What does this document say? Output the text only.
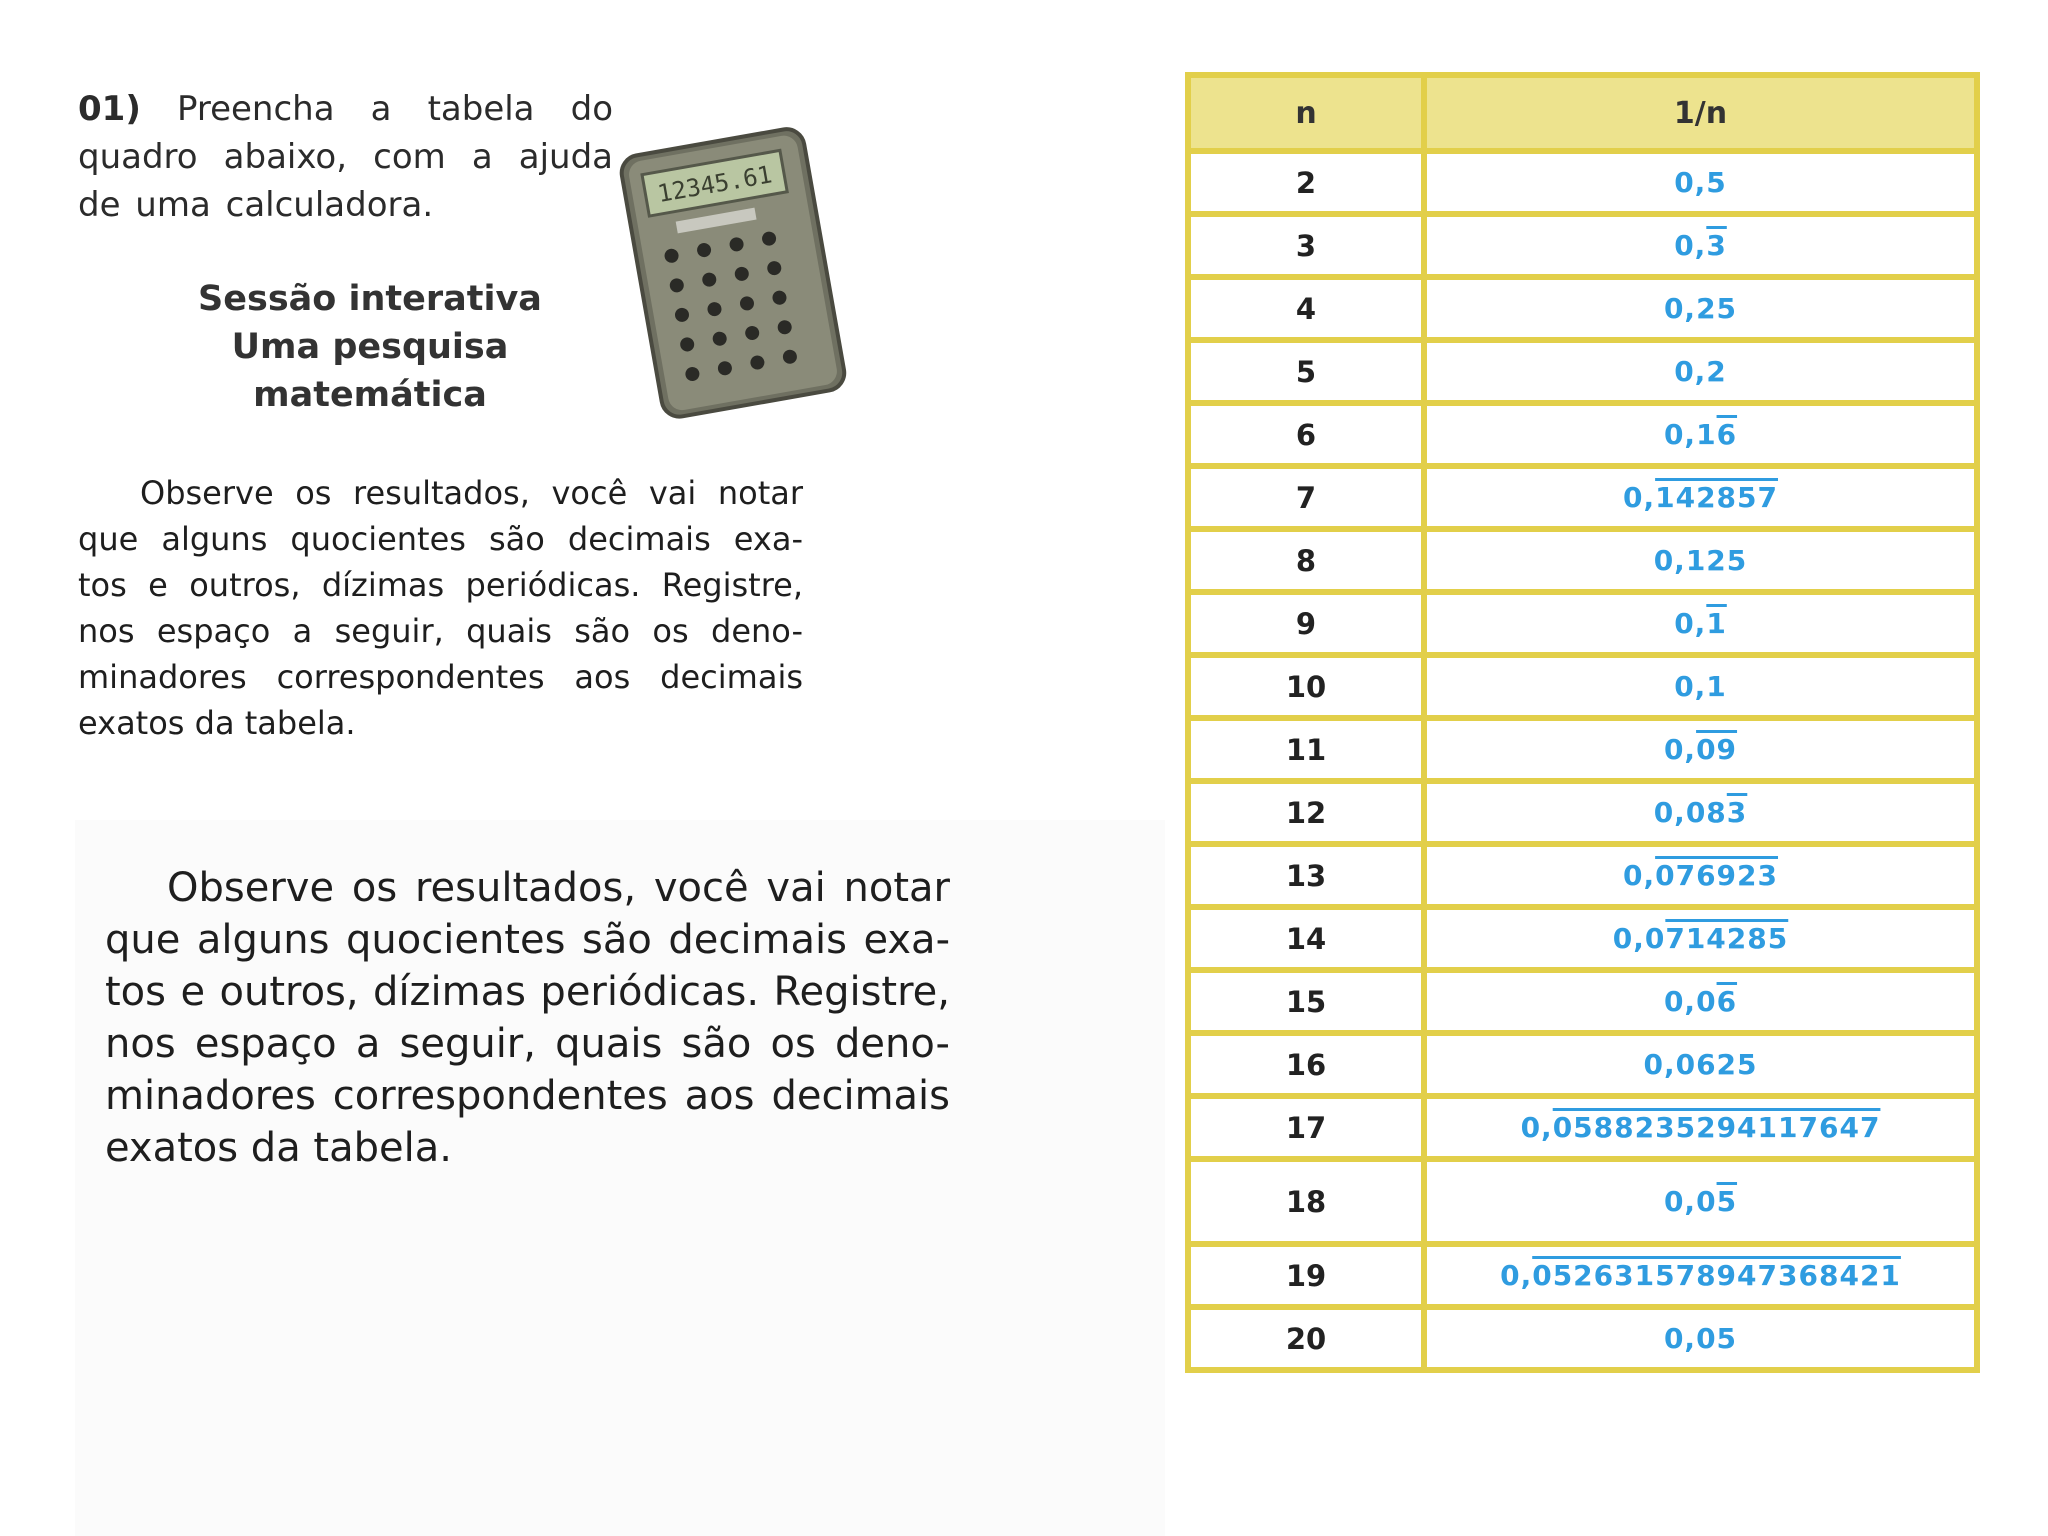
01) Preencha a tabela do
quadro abaixo, com a ajuda
de uma calculadora.
Sessão interativa
Uma pesquisa matemática
12345.61
Observe os resultados, você vai notar
que alguns quocientes são decimais exa-
tos e outros, dízimas periódicas. Registre,
nos espaço a seguir, quais são os deno-
minadores correspondentes aos decimais
exatos da tabela.
Observe os resultados, você vai notar
que alguns quocientes são decimais exa-
tos e outros, dízimas periódicas. Registre,
nos espaço a seguir, quais são os deno-
minadores correspondentes aos decimais
exatos da tabela.
n	1/n
2	0,5
3	0,3
4	0,25
5	0,2
6	0,16
7	0,142857
8	0,125
9	0,1
10	0,1
11	0,09
12	0,083
13	0,076923
14	0,0714285
15	0,06
16	0,0625
17	0,0588235294117647
18	0,05
19	0,052631578947368421
20	0,05
